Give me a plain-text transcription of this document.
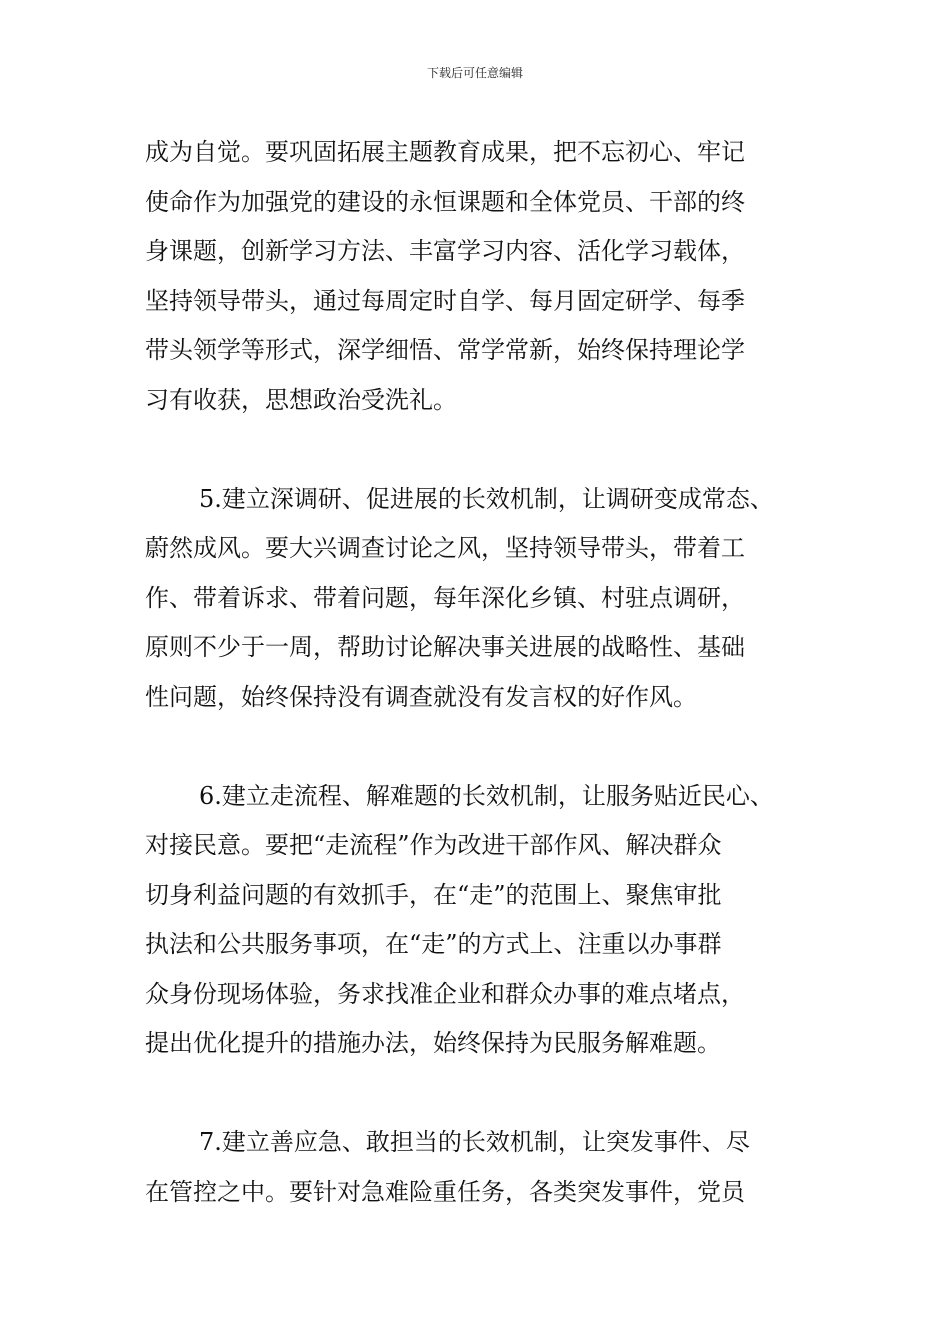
下载后可任意编辑
成为自觉。要巩固拓展主题教育成果，把不忘初心、牢记
使命作为加强党的建设的永恒课题和全体党员、干部的终
身课题，创新学习方法、丰富学习内容、活化学习载体，
坚持领导带头，通过每周定时自学、每月固定研学、每季
带头领学等形式，深学细悟、常学常新，始终保持理论学
习有收获，思想政治受洗礼。
5.建立深调研、促进展的长效机制，让调研变成常态、
蔚然成风。要大兴调查讨论之风，坚持领导带头，带着工
作、带着诉求、带着问题，每年深化乡镇、村驻点调研，
原则不少于一周，帮助讨论解决事关进展的战略性、基础
性问题，始终保持没有调查就没有发言权的好作风。
6.建立走流程、解难题的长效机制，让服务贴近民心、
对接民意。要把“走流程”作为改进干部作风、解决群众
切身利益问题的有效抓手，在“走”的范围上、聚焦审批
执法和公共服务事项，在“走”的方式上、注重以办事群
众身份现场体验，务求找准企业和群众办事的难点堵点，
提出优化提升的措施办法，始终保持为民服务解难题。
7.建立善应急、敢担当的长效机制，让突发事件、尽
在管控之中。要针对急难险重任务，各类突发事件，党员
